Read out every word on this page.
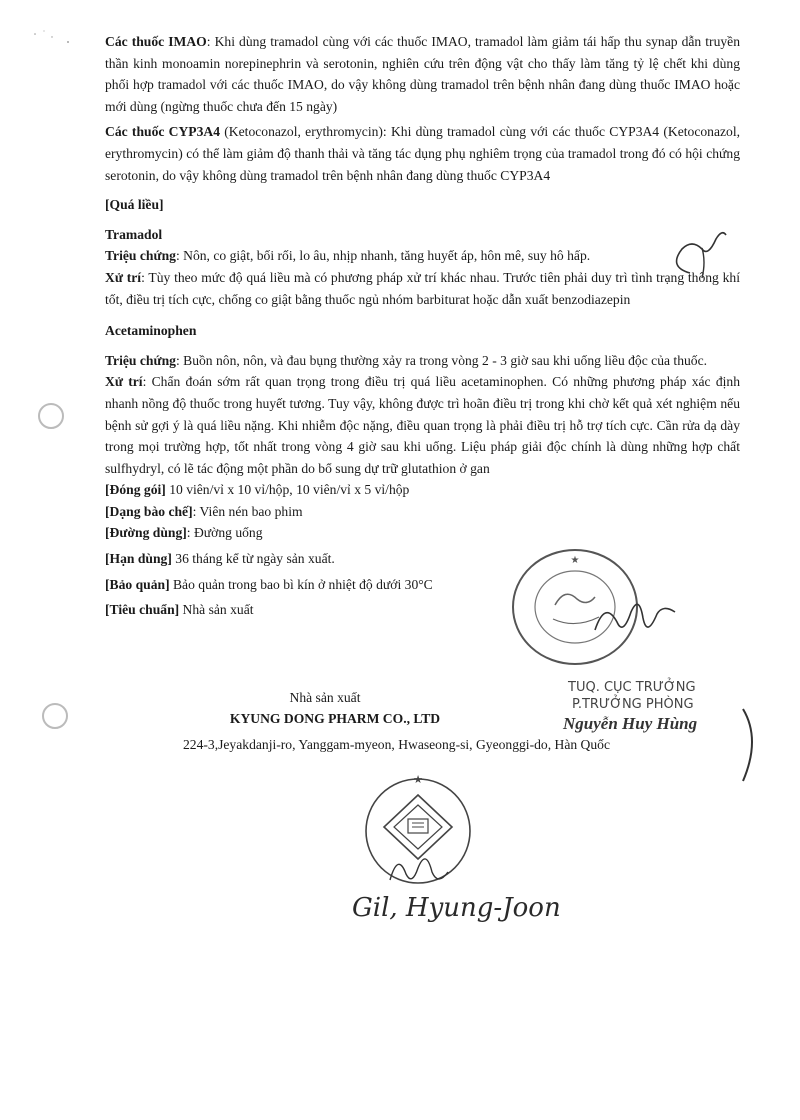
Các thuốc IMAO: Khi dùng tramadol cùng với các thuốc IMAO, tramadol làm giảm tái hấp thu synap dẫn truyền thần kinh monoamin norepinephrin và serotonin, nghiên cứu trên động vật cho thấy làm tăng tỷ lệ chết khi dùng phối hợp tramadol với các thuốc IMAO, do vậy không dùng tramadol trên bệnh nhân đang dùng thuốc IMAO hoặc mới dùng (ngừng thuốc chưa đến 15 ngày)

Các thuốc CYP3A4 (Ketoconazol, erythromycin): Khi dùng tramadol cùng với các thuốc CYP3A4 (Ketoconazol, erythromycin) có thể làm giảm độ thanh thải và tăng tác dụng phụ nghiêm trọng của tramadol trong đó có hội chứng serotonin, do vậy không dùng tramadol trên bệnh nhân đang dùng thuốc CYP3A4

[Quá liều]

Tramadol

Triệu chứng: Nôn, co giật, bối rối, lo âu, nhịp nhanh, tăng huyết áp, hôn mê, suy hô hấp.

Xử trí: Tùy theo mức độ quá liều mà có phương pháp xử trí khác nhau. Trước tiên phải duy trì tình trạng thông khí tốt, điều trị tích cực, chống co giật bằng thuốc ngủ nhóm barbiturat hoặc dẫn xuất benzodiazepin

Acetaminophen

Triệu chứng: Buồn nôn, nôn, và đau bụng thường xảy ra trong vòng 2 - 3 giờ sau khi uống liều độc của thuốc.

Xử trí: Chẩn đoán sớm rất quan trọng trong điều trị quá liều acetaminophen. Có những phương pháp xác định nhanh nồng độ thuốc trong huyết tương. Tuy vậy, không được trì hoãn điều trị trong khi chờ kết quả xét nghiệm nếu bệnh sử gợi ý là quá liều nặng. Khi nhiễm độc nặng, điều quan trọng là phải điều trị hỗ trợ tích cực. Cần rửa dạ dày trong mọi trường hợp, tốt nhất trong vòng 4 giờ sau khi uống. Liệu pháp giải độc chính là dùng những hợp chất sulfhydryl, có lẽ tác động một phần do bổ sung dự trữ glutathion ở gan

[Đóng gói] 10 viên/vỉ x 10 vỉ/hộp, 10 viên/vỉ x 5 vỉ/hộp

[Dạng bào chế]: Viên nén bao phim

[Đường dùng]: Đường uống

[Hạn dùng] 36 tháng kể từ ngày sản xuất.

[Bảo quản] Bảo quản trong bao bì kín ở nhiệt độ dưới 30°C

[Tiêu chuẩn] Nhà sản xuất

Nhà sản xuất
KYUNG DONG PHARM CO., LTD
224-3,Jeyakdanji-ro, Yanggam-myeon, Hwaseong-si, Gyeonggi-do, Hàn Quốc
★
TUQ. CỤC TRƯỞNG
P.TRƯỞNG PHÒNG
Nguyễn Huy Hùng
★
Gil, Hyung-Joon
